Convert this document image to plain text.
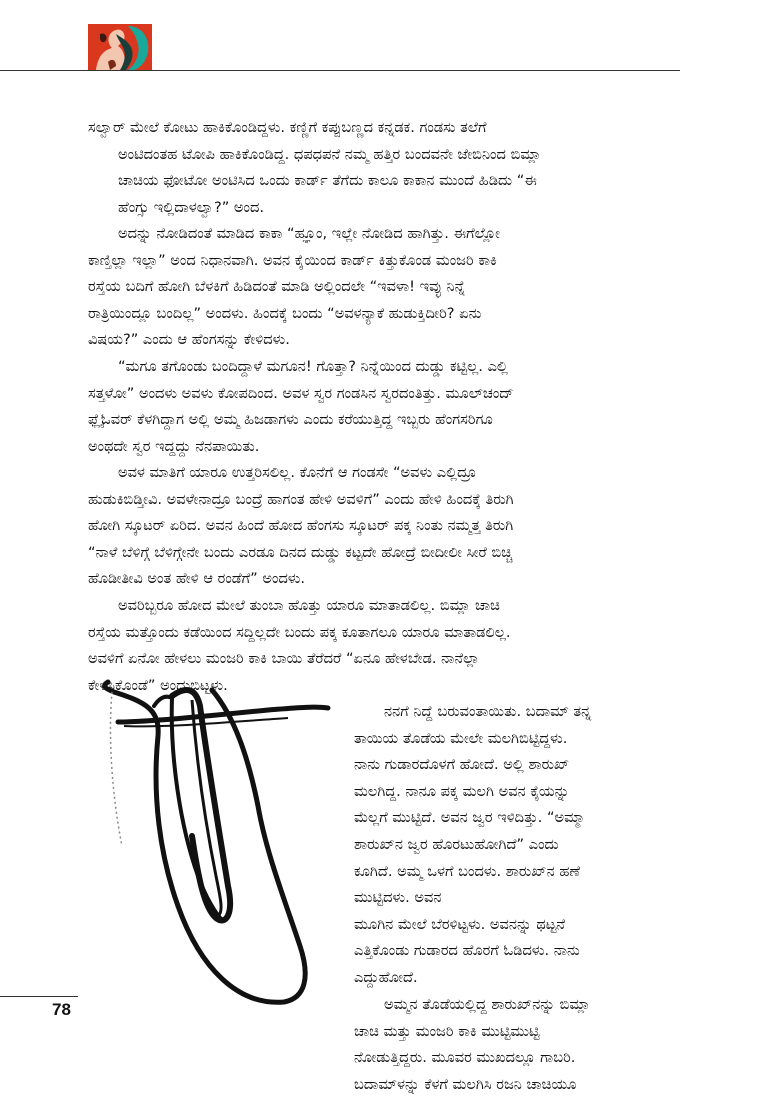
ಸಲ್ವಾರ್ ಮೇಲೆ ಕೋಟು ಹಾಕಿಕೊಂಡಿದ್ದಳು. ಕಣ್ಣಿಗೆ ಕಪ್ಪುಬಣ್ಣದ ಕನ್ನಡಕ. ಗಂಡಸು ತಲೆಗೆ
ಅಂಟಿದಂತಹ ಟೋಪಿ ಹಾಕಿಕೊಂಡಿದ್ದ. ಧಪಧಪನೆ ನಮ್ಮ ಹತ್ತಿರ ಬಂದವನೇ ಜೇಬಿನಿಂದ ಬಿಮ್ಲಾ
ಚಾಚಿಯ ಫೋಟೋ ಅಂಟಿಸಿದ ಒಂದು ಕಾರ್ಡ್ ತೆಗೆದು ಕಾಲೂ ಕಾಕಾನ ಮುಂದೆ ಹಿಡಿದು “ಈ
ಹೆಂಗ್ಸು ಇಲ್ಲಿದಾಳಲ್ವಾ?” ಅಂದ.

ಅದನ್ನು ನೋಡಿದಂತೆ ಮಾಡಿದ ಕಾಕಾ “ಹ್ಞೂಂ, ಇಲ್ಲೇ ನೋಡಿದ ಹಾಗಿತ್ತು. ಈಗೆಲ್ಲೋ
ಕಾಣ್ತಿಲ್ಲಾ ಇಲ್ಲಾ” ಅಂದ ನಿಧಾನವಾಗಿ. ಅವನ ಕೈಯಿಂದ ಕಾರ್ಡ್ ಕಿತ್ತುಕೊಂಡ ಮಂಜರಿ ಕಾಕಿ
ರಸ್ತೆಯ ಬದಿಗೆ ಹೋಗಿ ಬೆಳಕಿಗೆ ಹಿಡಿದಂತೆ ಮಾಡಿ ಅಲ್ಲಿಂದಲೇ “ಇವಳಾ! ಇವ್ಳು ನಿನ್ನೆ
ರಾತ್ರಿಯಿಂದ್ಲೂ ಬಂದಿಲ್ಲ” ಅಂದಳು. ಹಿಂದಕ್ಕೆ ಬಂದು “ಅವಳನ್ಯಾಕೆ ಹುಡುಕ್ತಿದೀರಿ? ಏನು
ವಿಷಯ?” ಎಂದು ಆ ಹೆಂಗಸನ್ನು ಕೇಳಿದಳು.

“ಮಗೂ ತಗೊಂಡು ಬಂದಿದ್ದಾಳೆ ಮಗೂನ! ಗೊತ್ತಾ? ನಿನ್ನೆಯಿಂದ ದುಡ್ಡು ಕಟ್ಟಿಲ್ಲ. ಎಲ್ಲಿ
ಸತ್ತಳೋ” ಅಂದಳು ಅವಳು ಕೋಪದಿಂದ. ಅವಳ ಸ್ವರ ಗಂಡಸಿನ ಸ್ವರದಂತಿತ್ತು. ಮೂಲ್‌ಚಂದ್
ಫ್ಲೈಓವರ್ ಕೆಳಗಿದ್ದಾಗ ಅಲ್ಲಿ ಅಮ್ಮ ಹಿಜಡಾಗಳು ಎಂದು ಕರೆಯುತ್ತಿದ್ದ ಇಬ್ಬರು ಹೆಂಗಸರಿಗೂ
ಅಂಥದೇ ಸ್ವರ ಇದ್ದದ್ದು ನೆನಪಾಯಿತು.

ಅವಳ ಮಾತಿಗೆ ಯಾರೂ ಉತ್ತರಿಸಲಿಲ್ಲ. ಕೊನೆಗೆ ಆ ಗಂಡಸೇ “ಅವಳು ಎಲ್ಲಿದ್ರೂ
ಹುಡುಕಿಬಿಡ್ತೀವಿ. ಅವಳೇನಾದ್ರೂ ಬಂದ್ರೆ ಹಾಗಂತ ಹೇಳಿ ಅವಳಿಗೆ” ಎಂದು ಹೇಳಿ ಹಿಂದಕ್ಕೆ ತಿರುಗಿ
ಹೋಗಿ ಸ್ಕೂಟರ್ ಏರಿದ. ಅವನ ಹಿಂದೆ ಹೋದ ಹೆಂಗಸು ಸ್ಕೂಟರ್ ಪಕ್ಕ ನಿಂತು ನಮ್ಮತ್ತ ತಿರುಗಿ
“ನಾಳೆ ಬೆಳಿಗ್ಗೆ ಬೆಳಿಗ್ಗೇನೇ ಬಂದು ಎರಡೂ ದಿನದ ದುಡ್ಡು ಕಟ್ಟದೇ ಹೋದ್ರೆ ಬೀದೀಲೀ ಸೀರೆ ಬಿಚ್ಚಿ
ಹೊಡೀತೀವಿ ಅಂತ ಹೇಳಿ ಆ ರಂಡೆಗೆ” ಅಂದಳು.

ಅವರಿಬ್ಬರೂ ಹೋದ ಮೇಲೆ ತುಂಬಾ ಹೊತ್ತು ಯಾರೂ ಮಾತಾಡಲಿಲ್ಲ. ಬಿಮ್ಲಾ ಚಾಚಿ
ರಸ್ತೆಯ ಮತ್ತೊಂದು ಕಡೆಯಿಂದ ಸದ್ದಿಲ್ಲದೇ ಬಂದು ಪಕ್ಕ ಕೂತಾಗಲೂ ಯಾರೂ ಮಾತಾಡಲಿಲ್ಲ.
ಅವಳಿಗೆ ಏನೋ ಹೇಳಲು ಮಂಜರಿ ಕಾಕಿ ಬಾಯಿ ತೆರೆದರೆ “ಏನೂ ಹೇಳಬೇಡ. ನಾನೆಲ್ಲಾ
ಕೇಳಿಸಿಕೊಂಡೆ” ಅಂದುಬಿಟ್ಟಳು.

ನನಗೆ ನಿದ್ದೆ ಬರುವಂತಾಯಿತು. ಬದಾಮ್ ತನ್ನ
ತಾಯಿಯ ತೊಡೆಯ ಮೇಲೇ ಮಲಗಿಬಿಟ್ಟಿದ್ದಳು.
ನಾನು ಗುಡಾರದೊಳಗೆ ಹೋದೆ. ಅಲ್ಲಿ ಶಾರುಖ್
ಮಲಗಿದ್ದ. ನಾನೂ ಪಕ್ಕ ಮಲಗಿ ಅವನ ಕೈಯನ್ನು
ಮೆಲ್ಲಗೆ ಮುಟ್ಟಿದೆ. ಅವನ ಜ್ವರ ಇಳಿದಿತ್ತು. “ಅಮ್ಮಾ
ಶಾರುಖ್‌ನ ಜ್ವರ ಹೊರಟುಹೋಗಿದೆ” ಎಂದು
ಕೂಗಿದೆ. ಅಮ್ಮ ಒಳಗೆ ಬಂದಳು. ಶಾರುಖ್‌ನ ಹಣೆ
ಮುಟ್ಟಿದಳು. ಅವನ
ಮೂಗಿನ ಮೇಲೆ ಬೆರಳಿಟ್ಟಳು. ಅವನನ್ನು ಥಟ್ಟನೆ
ಎತ್ತಿಕೊಂಡು ಗುಡಾರದ ಹೊರಗೆ ಓಡಿದಳು. ನಾನು
ಎದ್ದುಹೋದೆ.

ಅಮ್ಮನ ತೊಡೆಯಲ್ಲಿದ್ದ ಶಾರುಖ್‌ನನ್ನು ಬಿಮ್ಲಾ
ಚಾಚಿ ಮತ್ತು ಮಂಜರಿ ಕಾಕಿ ಮುಟ್ಟಿಮುಟ್ಟಿ
ನೋಡುತ್ತಿದ್ದರು. ಮೂವರ ಮುಖದಲ್ಲೂ ಗಾಬರಿ.
ಬದಾಮ್‌ಳನ್ನು ಕೆಳಗೆ ಮಲಗಿಸಿ ರಜನಿ ಚಾಚಿಯೂ

78
